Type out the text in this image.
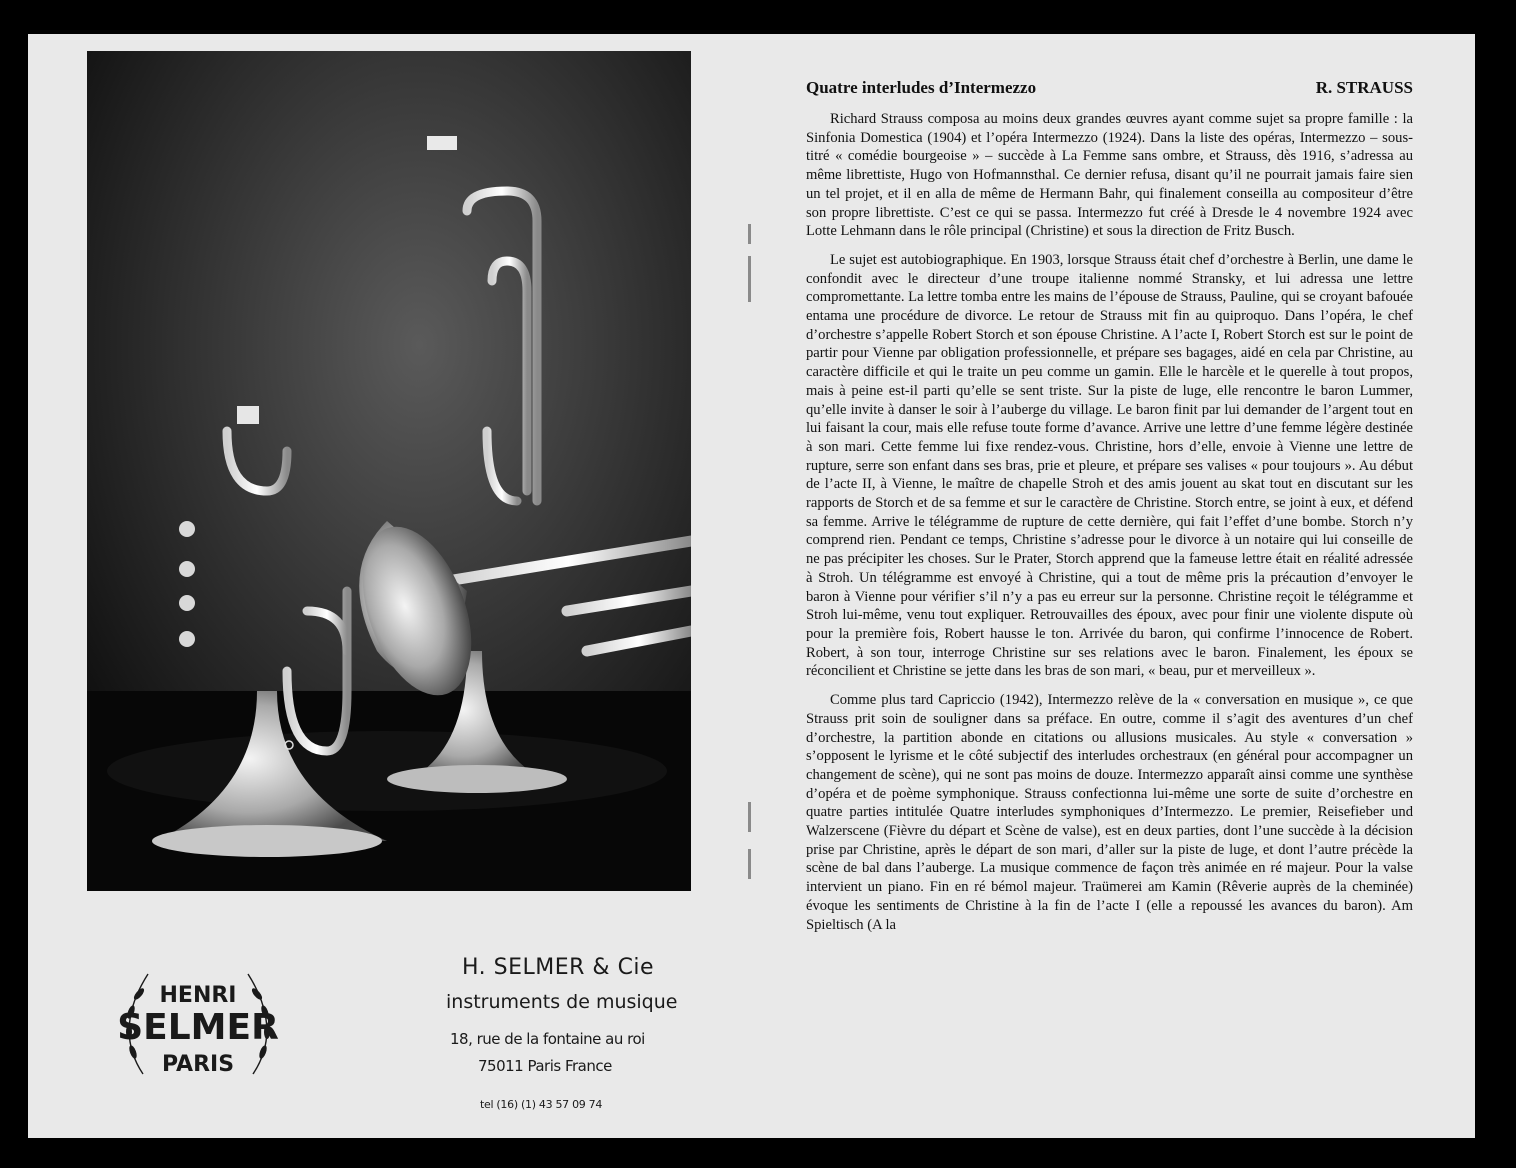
HENRI
SELMER
PARIS
H. SELMER & Cie
instruments de musique
18, rue de la fontaine au roi
75011 Paris France
tel (16) (1) 43 57 09 74
Quatre interludes d’Intermezzo	R. STRAUSS

Richard Strauss composa au moins deux grandes œuvres ayant comme sujet sa propre famille : la Sinfonia Domestica (1904) et l’opéra Intermezzo (1924). Dans la liste des opéras, Intermezzo – sous-titré « comédie bourgeoise » – succède à La Femme sans ombre, et Strauss, dès 1916, s’adressa au même librettiste, Hugo von Hofmannsthal. Ce dernier refusa, disant qu’il ne pourrait jamais faire sien un tel projet, et il en alla de même de Hermann Bahr, qui finalement conseilla au compositeur d’être son propre librettiste. C’est ce qui se passa. Intermezzo fut créé à Dresde le 4 novembre 1924 avec Lotte Lehmann dans le rôle principal (Christine) et sous la direction de Fritz Busch.

Le sujet est autobiographique. En 1903, lorsque Strauss était chef d’orchestre à Berlin, une dame le confondit avec le directeur d’une troupe italienne nommé Stransky, et lui adressa une lettre compromettante. La lettre tomba entre les mains de l’épouse de Strauss, Pauline, qui se croyant bafouée entama une procédure de divorce. Le retour de Strauss mit fin au quiproquo. Dans l’opéra, le chef d’orchestre s’appelle Robert Storch et son épouse Christine. A l’acte I, Robert Storch est sur le point de partir pour Vienne par obligation professionnelle, et prépare ses bagages, aidé en cela par Christine, au caractère difficile et qui le traite un peu comme un gamin. Elle le harcèle et le querelle à tout propos, mais à peine est-il parti qu’elle se sent triste. Sur la piste de luge, elle rencontre le baron Lummer, qu’elle invite à danser le soir à l’auberge du village. Le baron finit par lui demander de l’argent tout en lui faisant la cour, mais elle refuse toute forme d’avance. Arrive une lettre d’une femme légère destinée à son mari. Cette femme lui fixe rendez-vous. Christine, hors d’elle, envoie à Vienne une lettre de rupture, serre son enfant dans ses bras, prie et pleure, et prépare ses valises « pour toujours ». Au début de l’acte II, à Vienne, le maître de chapelle Stroh et des amis jouent au skat tout en discutant sur les rapports de Storch et de sa femme et sur le caractère de Christine. Storch entre, se joint à eux, et défend sa femme. Arrive le télégramme de rupture de cette dernière, qui fait l’effet d’une bombe. Storch n’y comprend rien. Pendant ce temps, Christine s’adresse pour le divorce à un notaire qui lui conseille de ne pas précipiter les choses. Sur le Prater, Storch apprend que la fameuse lettre était en réalité adressée à Stroh. Un télégramme est envoyé à Christine, qui a tout de même pris la précaution d’envoyer le baron à Vienne pour vérifier s’il n’y a pas eu erreur sur la personne. Christine reçoit le télégramme et Stroh lui-même, venu tout expliquer. Retrouvailles des époux, avec pour finir une violente dispute où pour la première fois, Robert hausse le ton. Arrivée du baron, qui confirme l’innocence de Robert. Robert, à son tour, interroge Christine sur ses relations avec le baron. Finalement, les époux se réconcilient et Christine se jette dans les bras de son mari, « beau, pur et merveilleux ».

Comme plus tard Capriccio (1942), Intermezzo relève de la « conversation en musique », ce que Strauss prit soin de souligner dans sa préface. En outre, comme il s’agit des aventures d’un chef d’orchestre, la partition abonde en citations ou allusions musicales. Au style « conversation » s’opposent le lyrisme et le côté subjectif des interludes orchestraux (en général pour accompagner un changement de scène), qui ne sont pas moins de douze. Intermezzo apparaît ainsi comme une synthèse d’opéra et de poème symphonique. Strauss confectionna lui-même une sorte de suite d’orchestre en quatre parties intitulée Quatre interludes symphoniques d’Intermezzo. Le premier, Reisefieber und Walzerscene (Fièvre du départ et Scène de valse), est en deux parties, dont l’une succède à la décision prise par Christine, après le départ de son mari, d’aller sur la piste de luge, et dont l’autre précède la scène de bal dans l’auberge. La musique commence de façon très animée en ré majeur. Pour la valse intervient un piano. Fin en ré bémol majeur. Traümerei am Kamin (Rêverie auprès de la cheminée) évoque les sentiments de Christine à la fin de l’acte I (elle a repoussé les avances du baron). Am Spieltisch (A la
